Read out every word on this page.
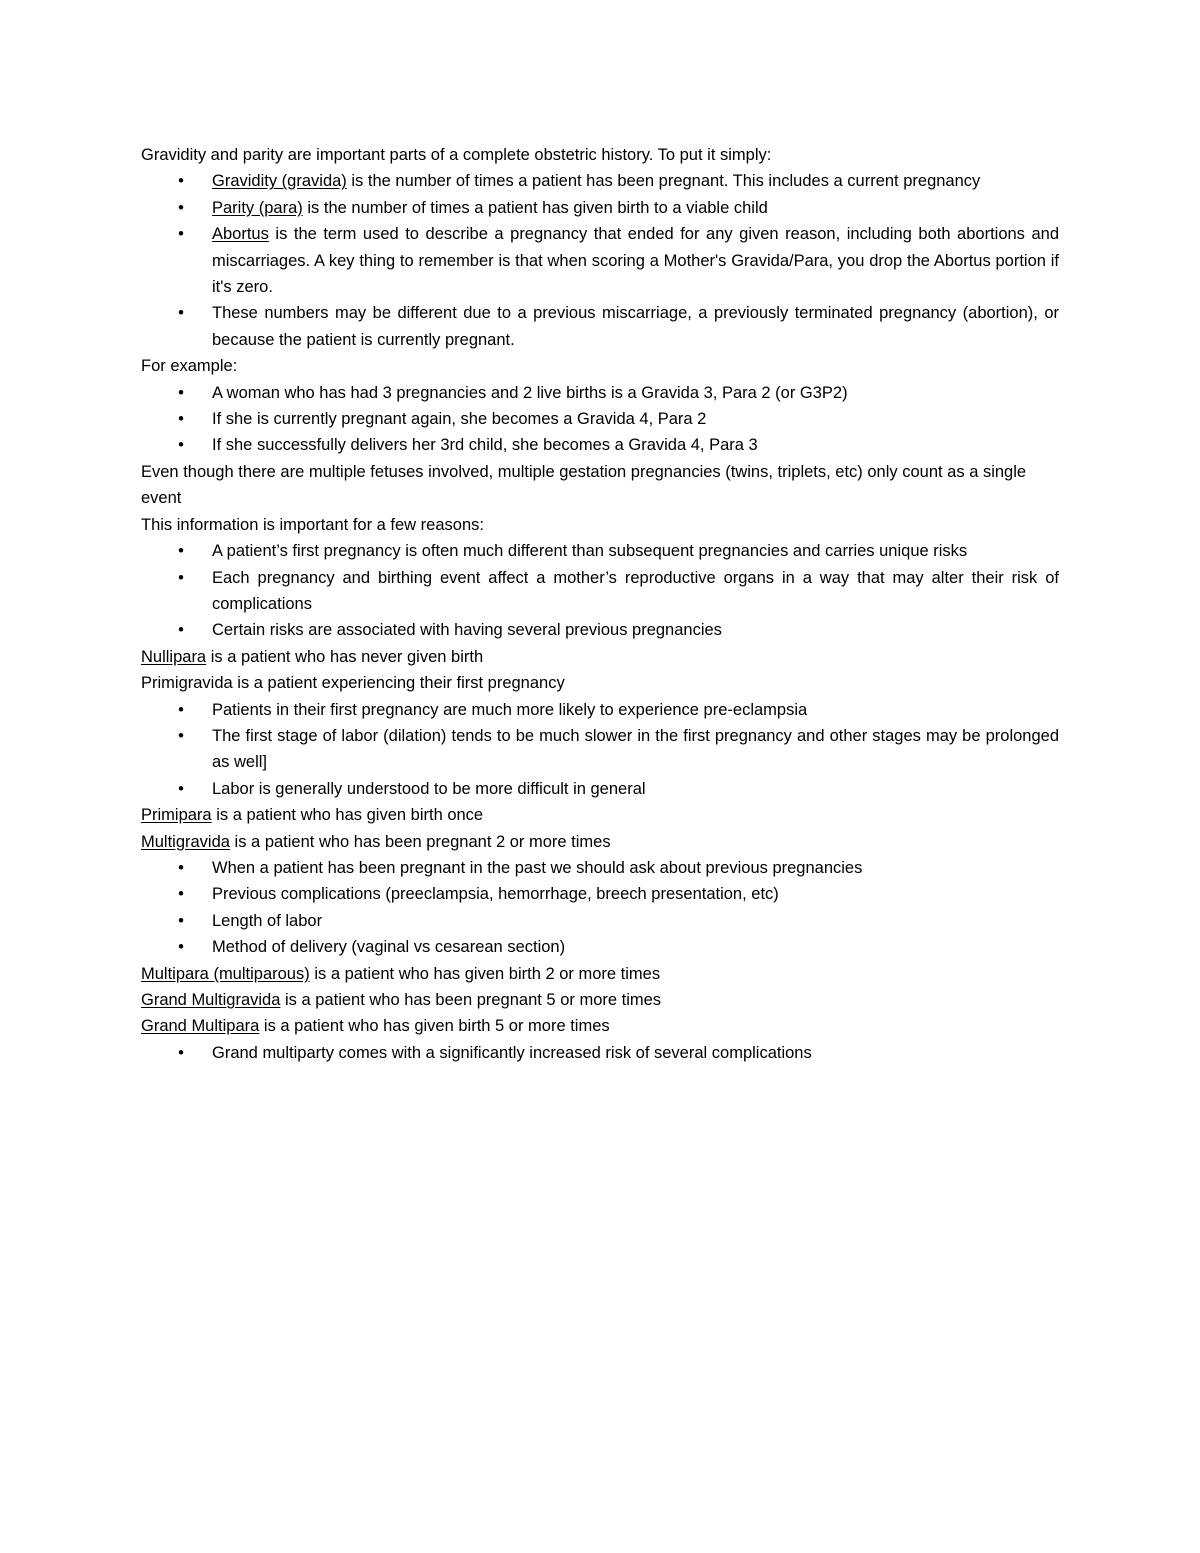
Gravidity and parity are important parts of a complete obstetric history. To put it simply:

• Gravidity (gravida) is the number of times a patient has been pregnant. This includes a current pregnancy
• Parity (para) is the number of times a patient has given birth to a viable child
• Abortus is the term used to describe a pregnancy that ended for any given reason, including both abortions and miscarriages. A key thing to remember is that when scoring a Mother's Gravida/Para, you drop the Abortus portion if it's zero.
• These numbers may be different due to a previous miscarriage, a previously terminated pregnancy (abortion), or because the patient is currently pregnant.

For example:

• A woman who has had 3 pregnancies and 2 live births is a Gravida 3, Para 2 (or G3P2)
• If she is currently pregnant again, she becomes a Gravida 4, Para 2
• If she successfully delivers her 3rd child, she becomes a Gravida 4, Para 3

Even though there are multiple fetuses involved, multiple gestation pregnancies (twins, triplets, etc) only count as a single event

This information is important for a few reasons:

• A patient’s first pregnancy is often much different than subsequent pregnancies and carries unique risks
• Each pregnancy and birthing event affect a mother’s reproductive organs in a way that may alter their risk of complications
• Certain risks are associated with having several previous pregnancies

Nullipara is a patient who has never given birth

Primigravida is a patient experiencing their first pregnancy

• Patients in their first pregnancy are much more likely to experience pre-eclampsia
• The first stage of labor (dilation) tends to be much slower in the first pregnancy and other stages may be prolonged as well]
• Labor is generally understood to be more difficult in general

Primipara is a patient who has given birth once

Multigravida is a patient who has been pregnant 2 or more times

• When a patient has been pregnant in the past we should ask about previous pregnancies
• Previous complications (preeclampsia, hemorrhage, breech presentation, etc)
• Length of labor
• Method of delivery (vaginal vs cesarean section)

Multipara (multiparous) is a patient who has given birth 2 or more times

Grand Multigravida is a patient who has been pregnant 5 or more times

Grand Multipara is a patient who has given birth 5 or more times

• Grand multiparty comes with a significantly increased risk of several complications
